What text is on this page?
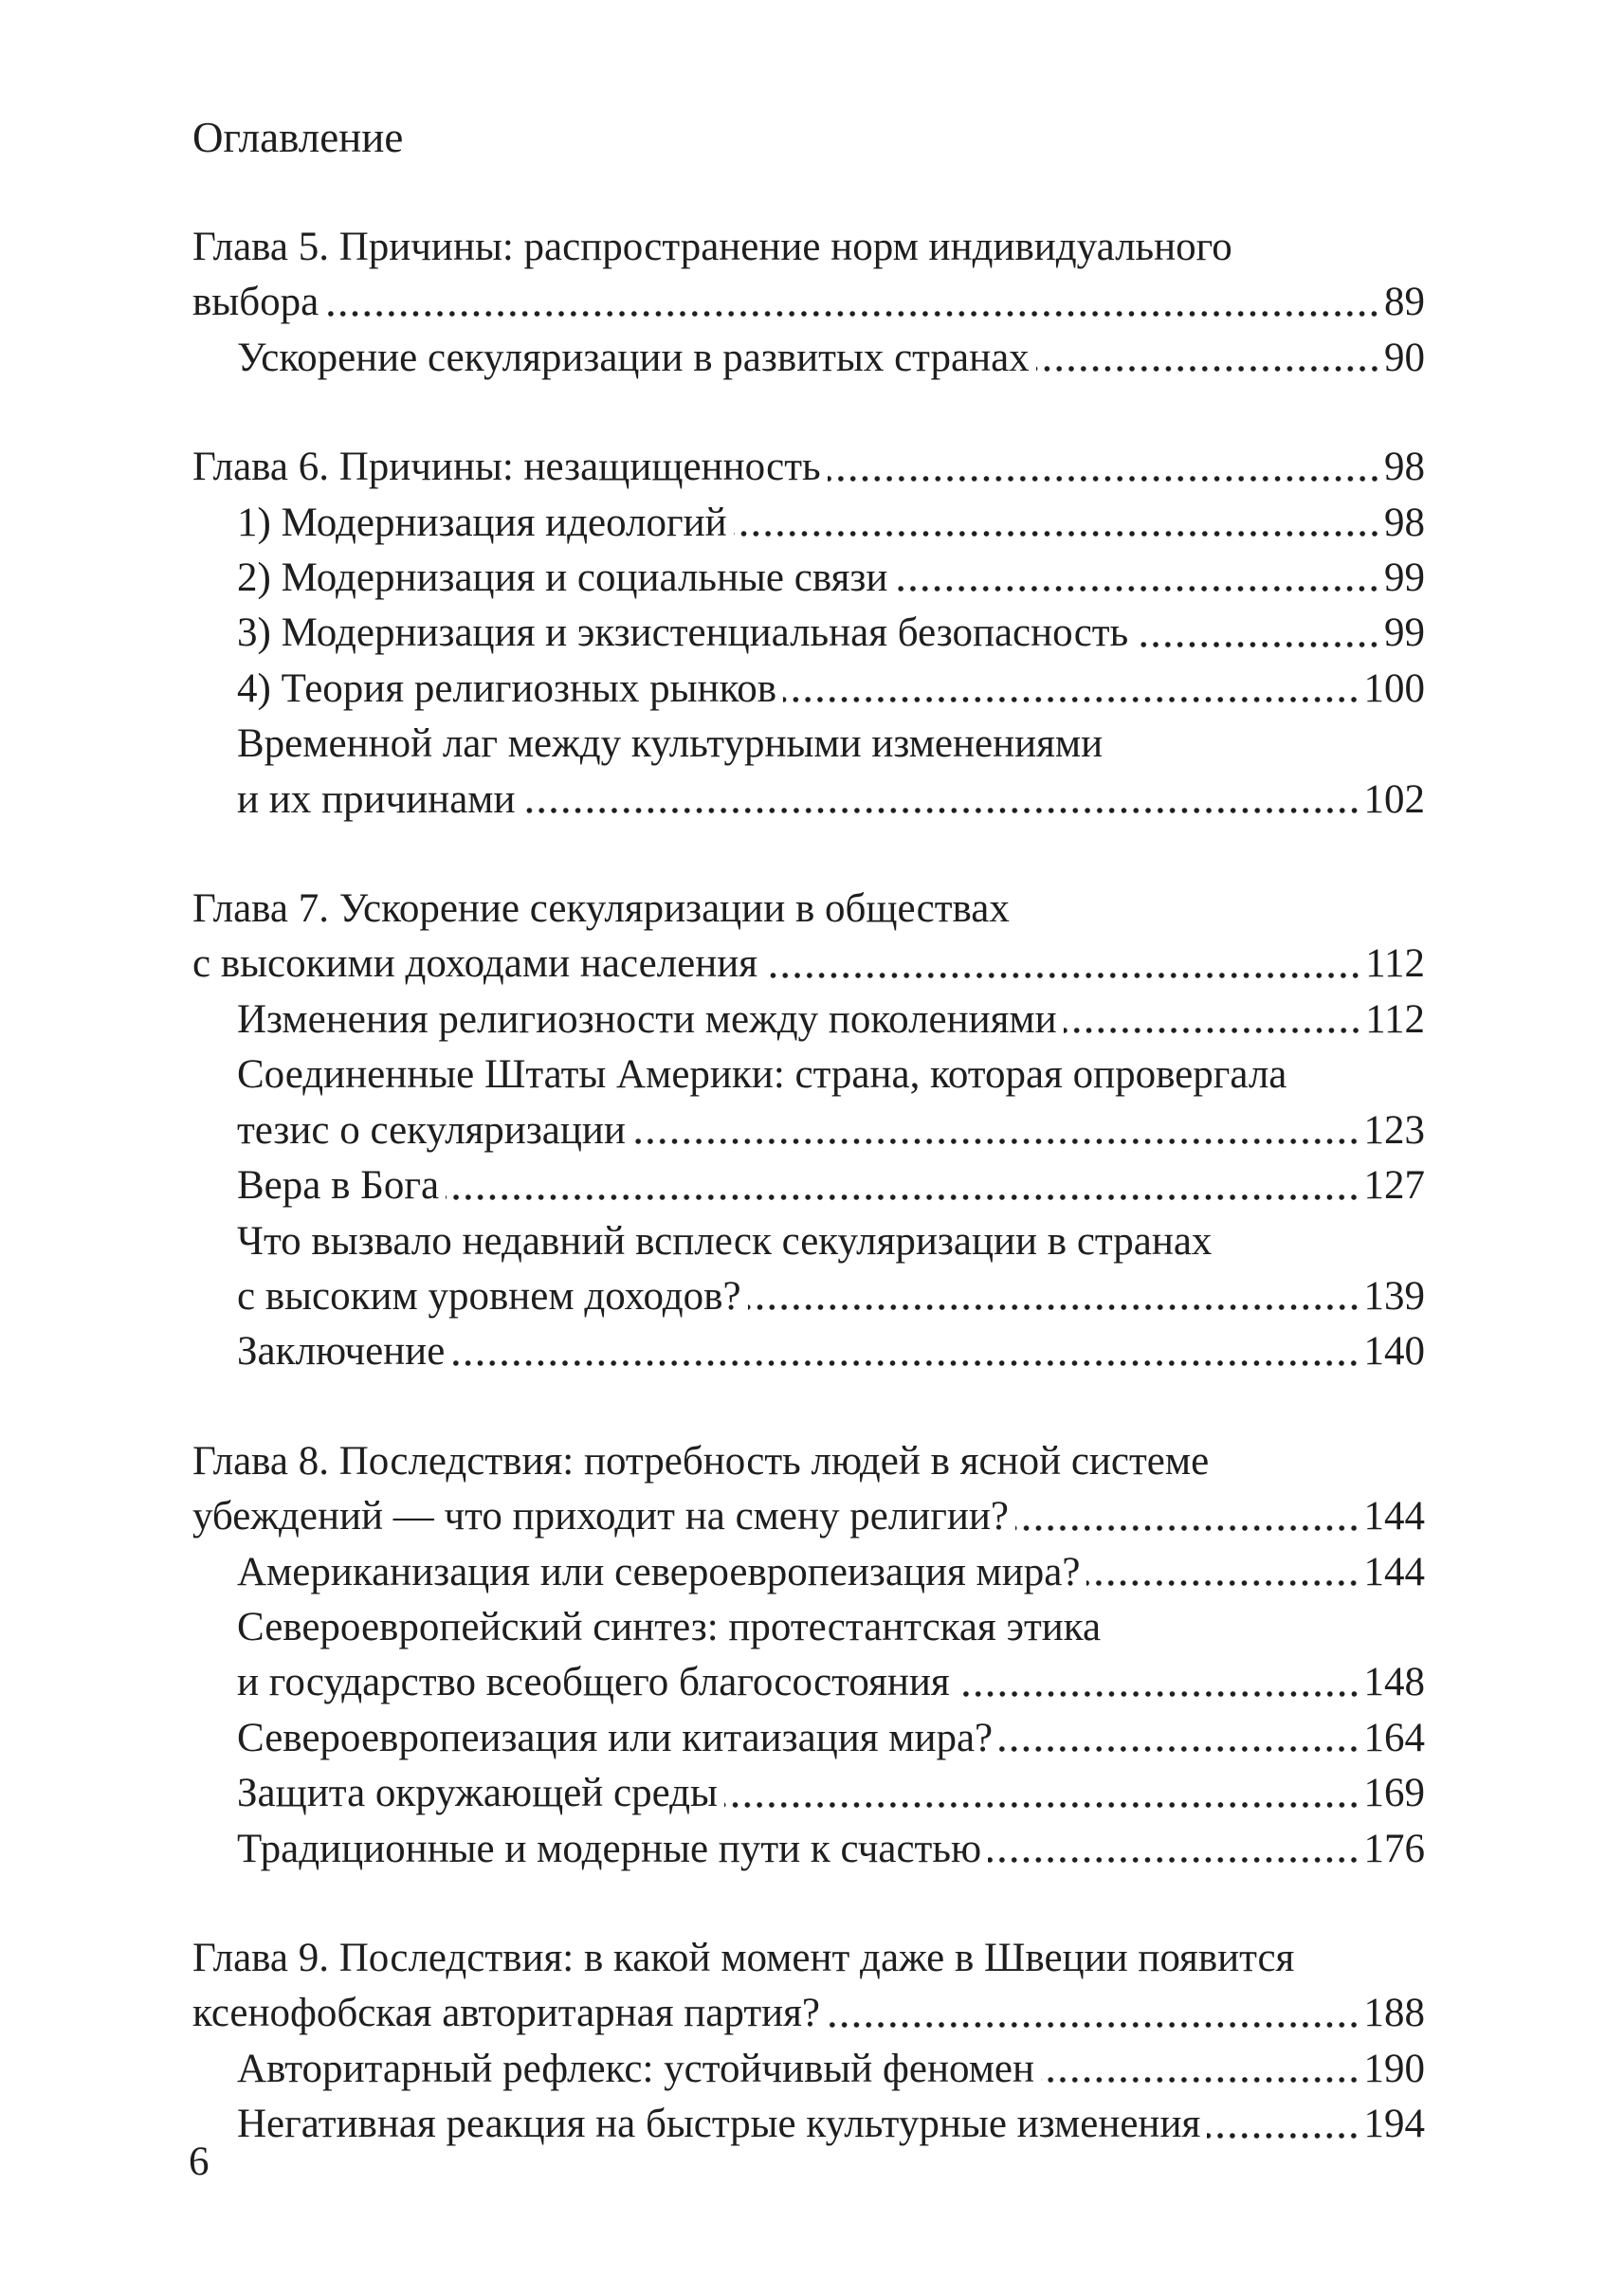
Оглавление
Глава 5. Причины: распространение норм индивидуального
выбора	89
Ускорение секуляризации в развитых странах	90
Глава 6. Причины: незащищенность	98
1) Модернизация идеологий	98
2) Модернизация и социальные связи	99
3) Модернизация и экзистенциальная безопасность	99
4) Теория религиозных рынков	100
Временной лаг между культурными изменениями
и их причинами	102
Глава 7. Ускорение секуляризации в обществах
с высокими доходами населения	112
Изменения религиозности между поколениями	112
Соединенные Штаты Америки: страна, которая опровергала
тезис о секуляризации	123
Вера в Бога	127
Что вызвало недавний всплеск секуляризации в странах
с высоким уровнем доходов?	139
Заключение	140
Глава 8. Последствия: потребность людей в ясной системе
убеждений — что приходит на смену религии?	144
Американизация или североевропеизация мира?	144
Североевропейский синтез: протестантская этика
и государство всеобщего благосостояния	148
Североевропеизация или китаизация мира?	164
Защита окружающей среды	169
Традиционные и модерные пути к счастью	176
Глава 9. Последствия: в какой момент даже в Швеции появится
ксенофобская авторитарная партия?	188
Авторитарный рефлекс: устойчивый феномен	190
Негативная реакция на быстрые культурные изменения	194
6
